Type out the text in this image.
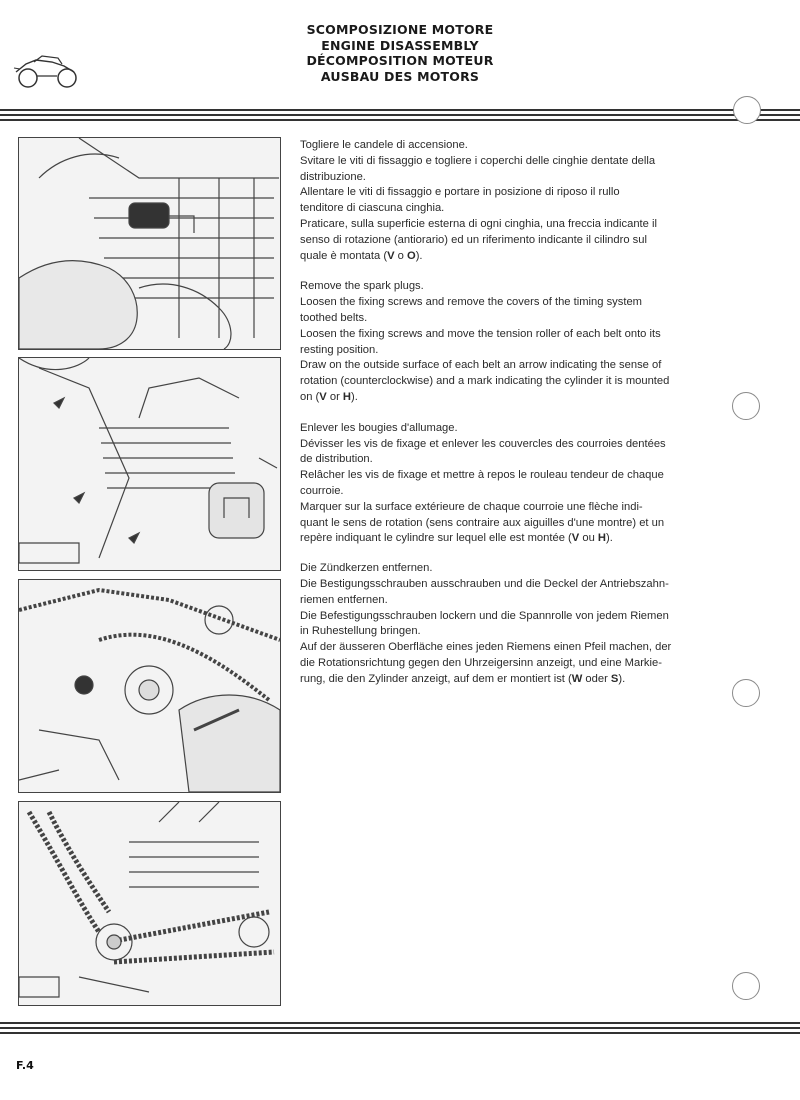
SCOMPOSIZIONE MOTORE
ENGINE DISASSEMBLY
DÉCOMPOSITION MOTEUR
AUSBAU DES MOTORS

Togliere le candele di accensione.
Svitare le viti di fissaggio e togliere i coperchi delle cinghie dentate della
distribuzione.
Allentare le viti di fissaggio e portare in posizione di riposo il rullo
tenditore di ciascuna cinghia.
Praticare, sulla superficie esterna di ogni cinghia, una freccia indicante il
senso di rotazione (antiorario) ed un riferimento indicante il cilindro sul
quale è montata (V o O).

Remove the spark plugs.
Loosen the fixing screws and remove the covers of the timing system
toothed belts.
Loosen the fixing screws and move the tension roller of each belt onto its
resting position.
Draw on the outside surface of each belt an arrow indicating the sense of
rotation (counterclockwise) and a mark indicating the cylinder it is mounted
on (V or H).

Enlever les bougies d'allumage.
Dévisser les vis de fixage et enlever les couvercles des courroies dentées
de distribution.
Relâcher les vis de fixage et mettre à repos le rouleau tendeur de chaque
courroie.
Marquer sur la surface extérieure de chaque courroie une flèche indi-
quant le sens de rotation (sens contraire aux aiguilles d'une montre) et un
repère indiquant le cylindre sur lequel elle est montée (V ou H).

Die Zündkerzen entfernen.
Die Bestigungsschrauben ausschrauben und die Deckel der Antriebszahn-
riemen entfernen.
Die Befestigungsschrauben lockern und die Spannrolle von jedem Riemen
in Ruhestellung bringen.
Auf der äusseren Oberfläche eines jeden Riemens einen Pfeil machen, der
die Rotationsrichtung gegen den Uhrzeigersinn anzeigt, und eine Markie-
rung, die den Zylinder anzeigt, auf dem er montiert ist (W oder S).

F.4
